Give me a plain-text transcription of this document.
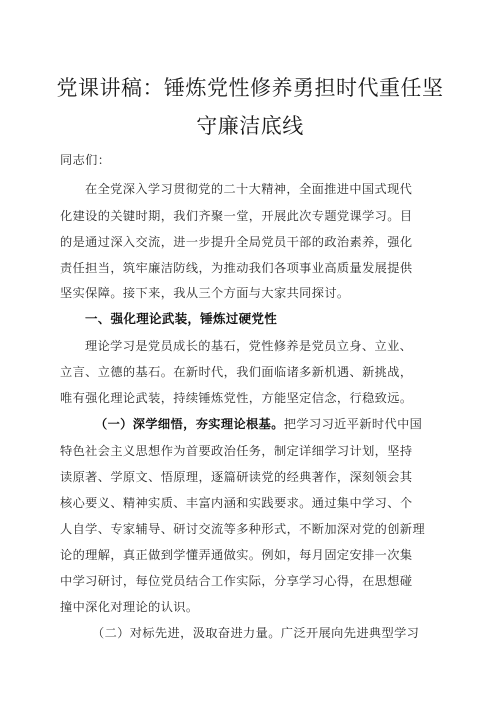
党课讲稿：锤炼党性修养勇担时代重任坚
守廉洁底线
同志们：
在全党深入学习贯彻党的二十大精神，全面推进中国式现代
化建设的关键时期，我们齐聚一堂，开展此次专题党课学习。目
的是通过深入交流，进一步提升全局党员干部的政治素养，强化
责任担当，筑牢廉洁防线，为推动我们各项事业高质量发展提供
坚实保障。接下来，我从三个方面与大家共同探讨。
一、强化理论武装，锤炼过硬党性
理论学习是党员成长的基石，党性修养是党员立身、立业、
立言、立德的基石。在新时代，我们面临诸多新机遇、新挑战，
唯有强化理论武装，持续锤炼党性，方能坚定信念，行稳致远。
（一）深学细悟，夯实理论根基。把学习习近平新时代中国
特色社会主义思想作为首要政治任务，制定详细学习计划，坚持
读原著、学原文、悟原理，逐篇研读党的经典著作，深刻领会其
核心要义、精神实质、丰富内涵和实践要求。通过集中学习、个
人自学、专家辅导、研讨交流等多种形式，不断加深对党的创新理
论的理解，真正做到学懂弄通做实。例如，每月固定安排一次集
中学习研讨，每位党员结合工作实际，分享学习心得，在思想碰
撞中深化对理论的认识。
（二）对标先进，汲取奋进力量。广泛开展向先进典型学习
